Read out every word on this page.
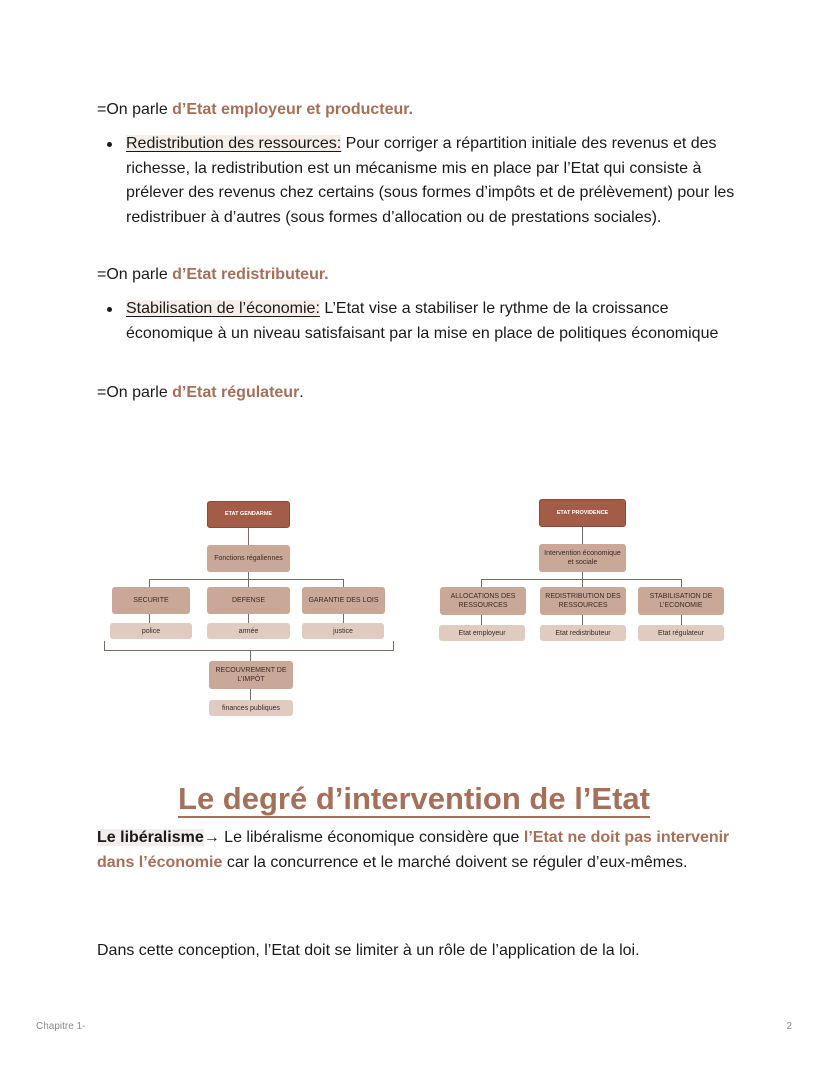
=On parle d’Etat employeur et producteur.

Redistribution des ressources: Pour corriger a répartition initiale des revenus et des richesse, la redistribution est un mécanisme mis en place par l’Etat qui consiste à prélever des revenus chez certains (sous formes d’impôts et de prélèvement) pour les redistribuer à d’autres (sous formes d’allocation ou de prestations sociales).

=On parle d’Etat redistributeur.

Stabilisation de l’économie: L’Etat vise a stabiliser le rythme de la croissance économique à un niveau satisfaisant par la mise en place de politiques économique

=On parle d’Etat régulateur.

ETAT GENDARME
Fonctions régaliennes
SECURITE	DEFENSE	GARANTIE DES LOIS
police	armée	justice
RECOUVREMENT DE L’IMPÔT
finances publiques
ETAT PROVIDENCE
Intervention économique et sociale
ALLOCATIONS DES RESSOURCES
REDISTRIBUTION DES RESSOURCES
STABILISATION DE L’ECONOMIE
Etat employeur	Etat redistributeur	Etat régulateur
Le degré d’intervention de l’Etat

Le libéralisme→ Le libéralisme économique considère que l’Etat ne doit pas intervenir dans l’économie car la concurrence et le marché doivent se réguler d’eux-mêmes.

Dans cette conception, l’Etat doit se limiter à un rôle de l’application de la loi.

Chapitre 1-	2
